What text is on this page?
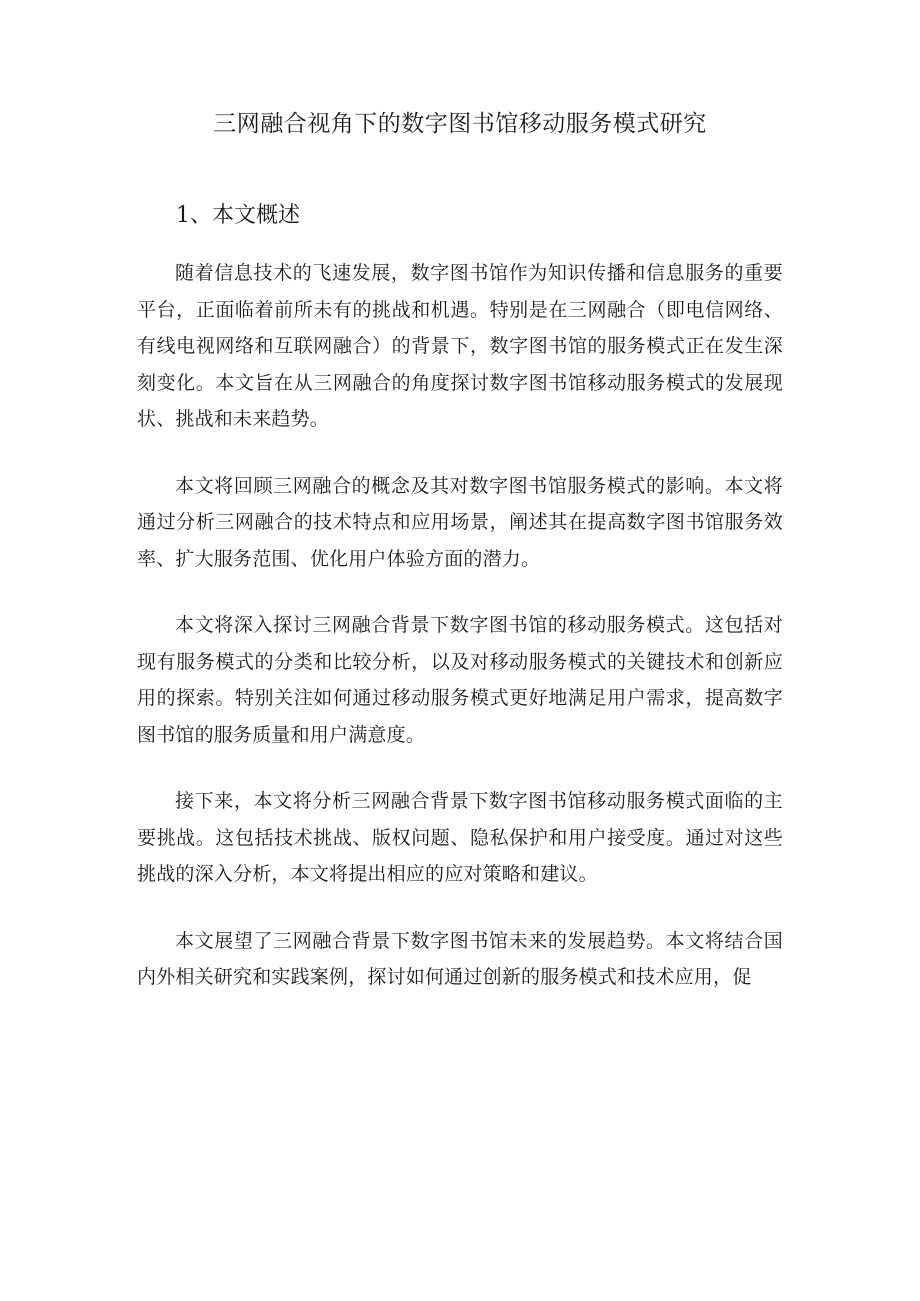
三网融合视角下的数字图书馆移动服务模式研究
1、本文概述

随着信息技术的飞速发展，数字图书馆作为知识传播和信息服务的重要平台，正面临着前所未有的挑战和机遇。特别是在三网融合（即电信网络、有线电视网络和互联网融合）的背景下，数字图书馆的服务模式正在发生深刻变化。本文旨在从三网融合的角度探讨数字图书馆移动服务模式的发展现状、挑战和未来趋势。

本文将回顾三网融合的概念及其对数字图书馆服务模式的影响。本文将通过分析三网融合的技术特点和应用场景，阐述其在提高数字图书馆服务效率、扩大服务范围、优化用户体验方面的潜力。

本文将深入探讨三网融合背景下数字图书馆的移动服务模式。这包括对现有服务模式的分类和比较分析，以及对移动服务模式的关键技术和创新应用的探索。特别关注如何通过移动服务模式更好地满足用户需求，提高数字图书馆的服务质量和用户满意度。

接下来，本文将分析三网融合背景下数字图书馆移动服务模式面临的主要挑战。这包括技术挑战、版权问题、隐私保护和用户接受度。通过对这些挑战的深入分析，本文将提出相应的应对策略和建议。

本文展望了三网融合背景下数字图书馆未来的发展趋势。本文将结合国内外相关研究和实践案例，探讨如何通过创新的服务模式和技术应用，促
